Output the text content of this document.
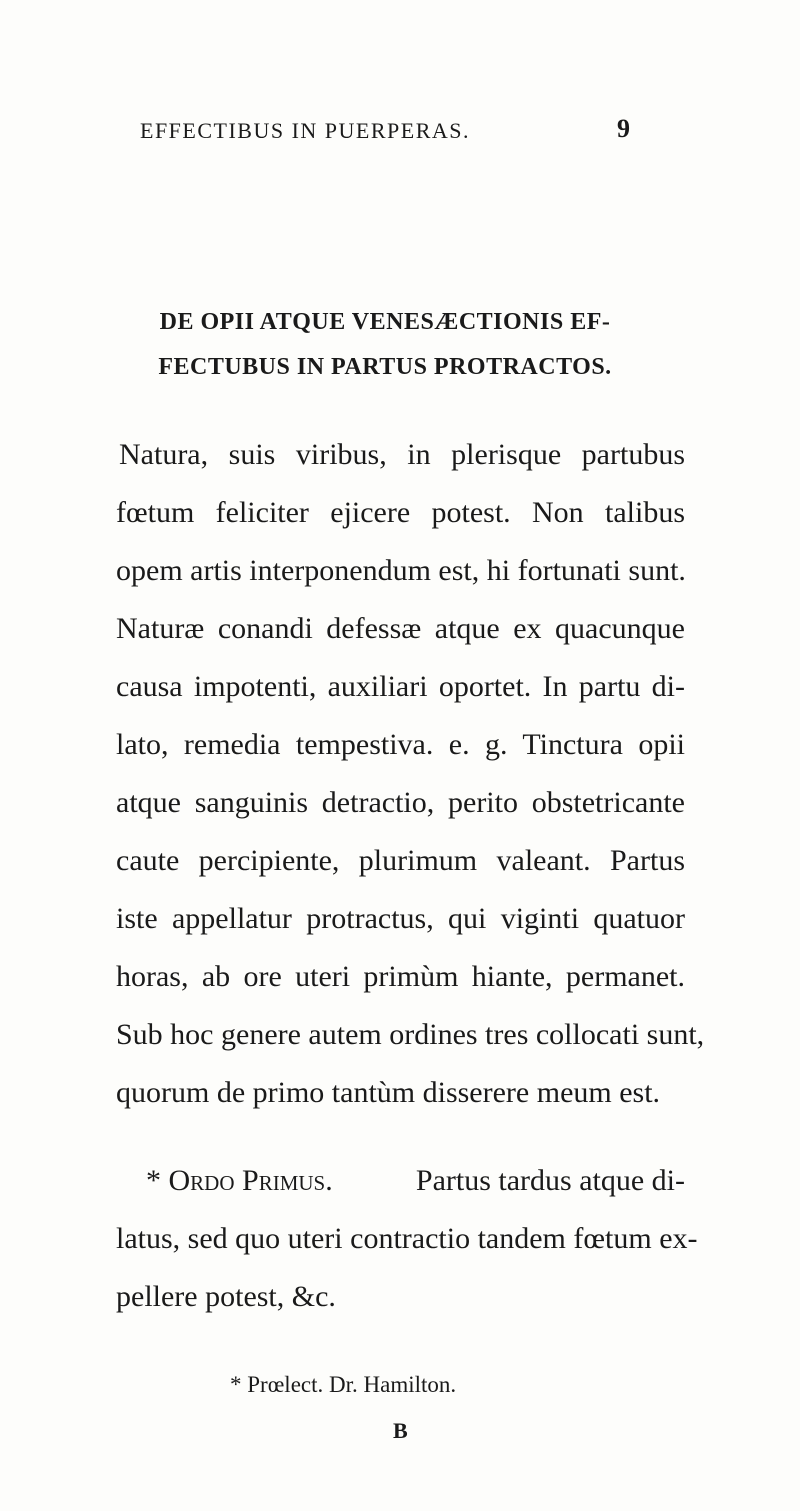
EFFECTIBUS IN PUERPERAS.	9
DE OPII ATQUE VENESÆCTIONIS EF-
FECTUBUS IN PARTUS PROTRACTOS.
Natura, suis viribus, in plerisque partubus
fœtum feliciter ejicere potest. Non talibus
opem artis interponendum est, hi fortunati sunt.
Naturæ conandi defessæ atque ex quacunque
causa impotenti, auxiliari oportet. In partu di-
lato, remedia tempestiva. e. g. Tinctura opii
atque sanguinis detractio, perito obstetricante
caute percipiente, plurimum valeant. Partus
iste appellatur protractus, qui viginti quatuor
horas, ab ore uteri primùm hiante, permanet.
Sub hoc genere autem ordines tres collocati sunt,
quorum de primo tantùm disserere meum est.
* Ordo Primus.	Partus tardus atque di-
latus, sed quo uteri contractio tandem fœtum ex-
pellere potest, &c.
* Prœlect. Dr. Hamilton.
B
